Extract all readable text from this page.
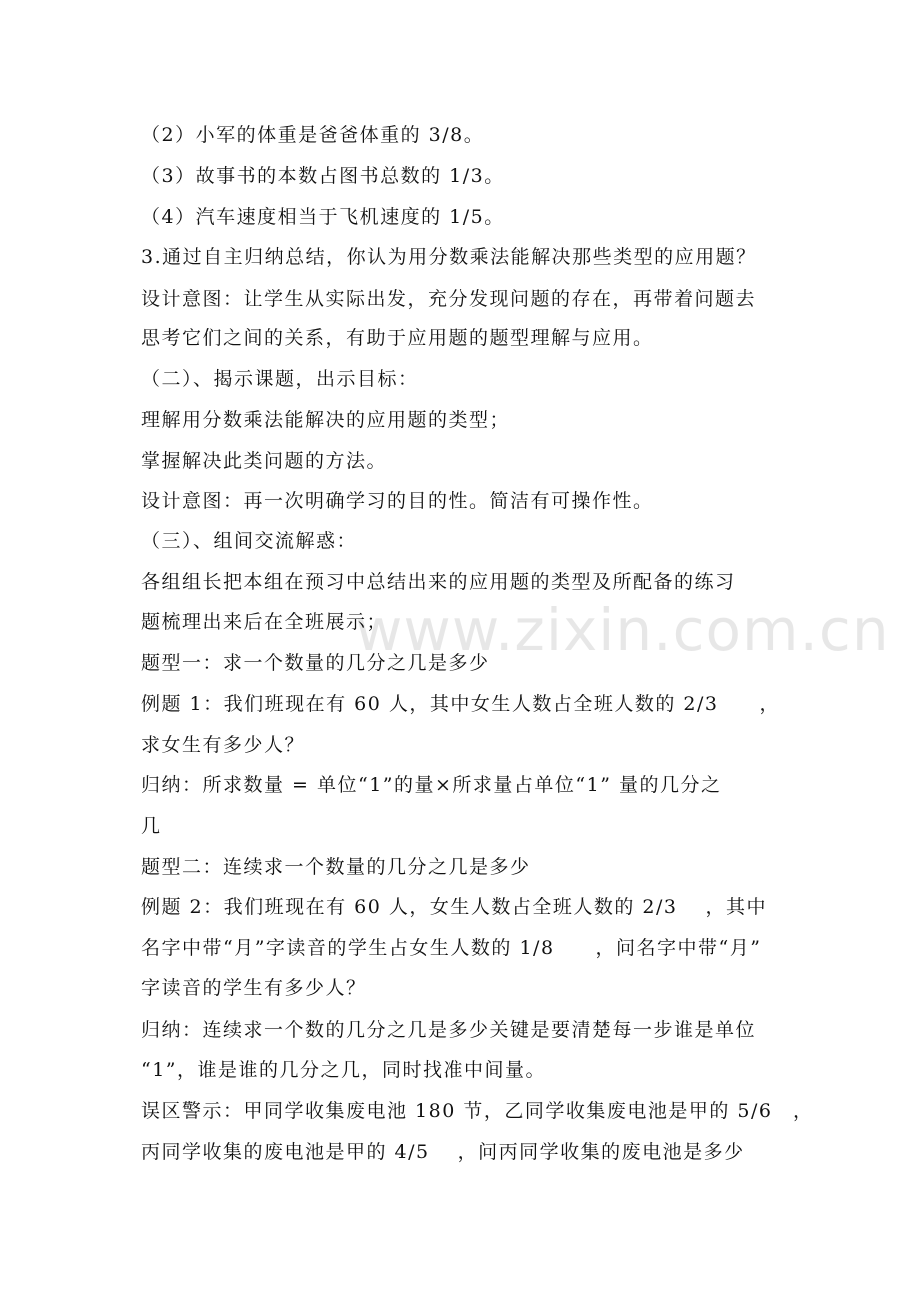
（2）小军的体重是爸爸体重的 3/8。
（3）故事书的本数占图书总数的 1/3。
（4）汽车速度相当于飞机速度的 1/5。
3.通过自主归纳总结，你认为用分数乘法能解决那些类型的应用题？
设计意图：让学生从实际出发，充分发现问题的存在，再带着问题去
思考它们之间的关系，有助于应用题的题型理解与应用。
（二）、揭示课题，出示目标：
理解用分数乘法能解决的应用题的类型；
掌握解决此类问题的方法。
设计意图：再一次明确学习的目的性。简洁有可操作性。
（三）、组间交流解惑：
各组组长把本组在预习中总结出来的应用题的类型及所配备的练习
题梳理出来后在全班展示；
题型一：求一个数量的几分之几是多少
例题 1：我们班现在有 60 人，其中女生人数占全班人数的 2/3　　，
求女生有多少人？
归纳：所求数量 = 单位“1”的量×所求量占单位“1” 量的几分之
几
题型二：连续求一个数量的几分之几是多少
例题 2：我们班现在有 60 人，女生人数占全班人数的 2/3　 ，其中
名字中带“月”字读音的学生占女生人数的 1/8　　，问名字中带“月”
字读音的学生有多少人？
归纳：连续求一个数的几分之几是多少关键是要清楚每一步谁是单位
“1”，谁是谁的几分之几，同时找准中间量。
误区警示：甲同学收集废电池 180 节，乙同学收集废电池是甲的 5/6　，
丙同学收集的废电池是甲的 4/5　 ，问丙同学收集的废电池是多少
www.zixin.com.cn
